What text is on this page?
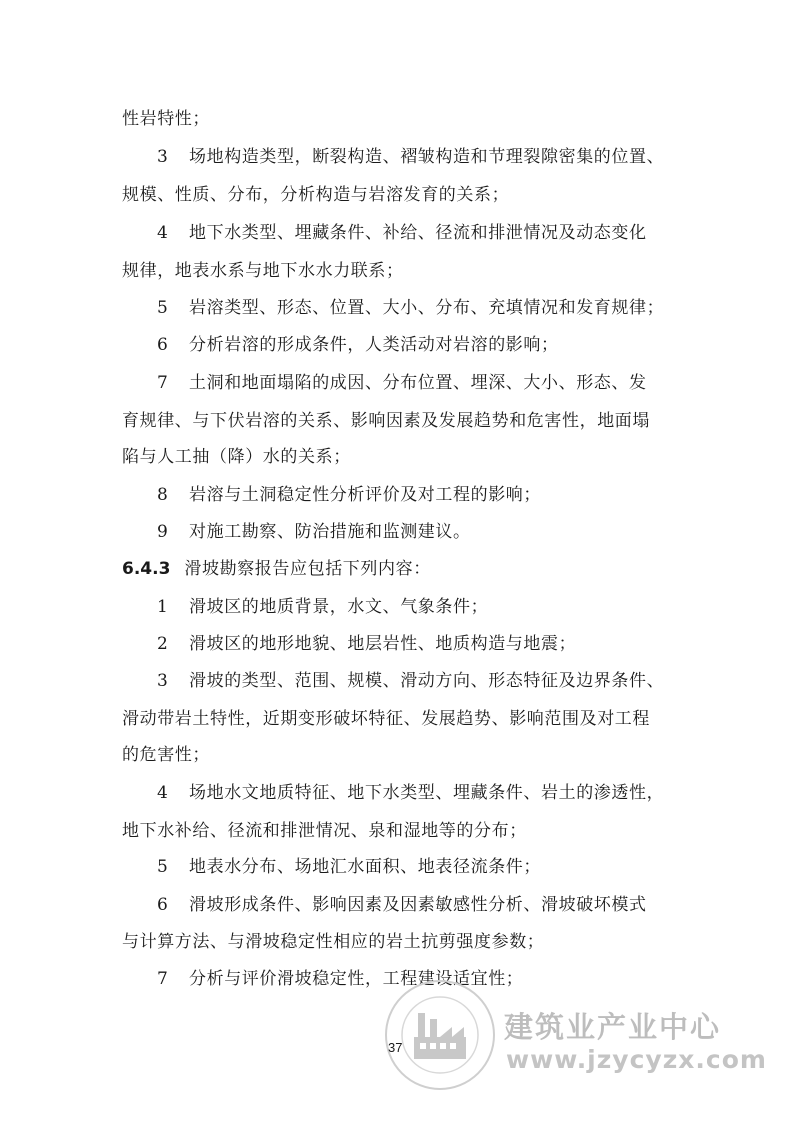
性岩特性；
3 场地构造类型，断裂构造、褶皱构造和节理裂隙密集的位置、
规模、性质、分布，分析构造与岩溶发育的关系；
4 地下水类型、埋藏条件、补给、径流和排泄情况及动态变化
规律，地表水系与地下水水力联系；
5 岩溶类型、形态、位置、大小、分布、充填情况和发育规律；
6 分析岩溶的形成条件，人类活动对岩溶的影响；
7 土洞和地面塌陷的成因、分布位置、埋深、大小、形态、发
育规律、与下伏岩溶的关系、影响因素及发展趋势和危害性，地面塌
陷与人工抽（降）水的关系；
8 岩溶与土洞稳定性分析评价及对工程的影响；
9 对施工勘察、防治措施和监测建议。
6.4.3 滑坡勘察报告应包括下列内容：
1 滑坡区的地质背景，水文、气象条件；
2 滑坡区的地形地貌、地层岩性、地质构造与地震；
3 滑坡的类型、范围、规模、滑动方向、形态特征及边界条件、
滑动带岩土特性，近期变形破坏特征、发展趋势、影响范围及对工程
的危害性；
4 场地水文地质特征、地下水类型、埋藏条件、岩土的渗透性，
地下水补给、径流和排泄情况、泉和湿地等的分布；
5 地表水分布、场地汇水面积、地表径流条件；
6 滑坡形成条件、影响因素及因素敏感性分析、滑坡破坏模式
与计算方法、与滑坡稳定性相应的岩土抗剪强度参数；
7 分析与评价滑坡稳定性，工程建设适宜性；
建筑业产业中心
www.jzycyzx.com
37
